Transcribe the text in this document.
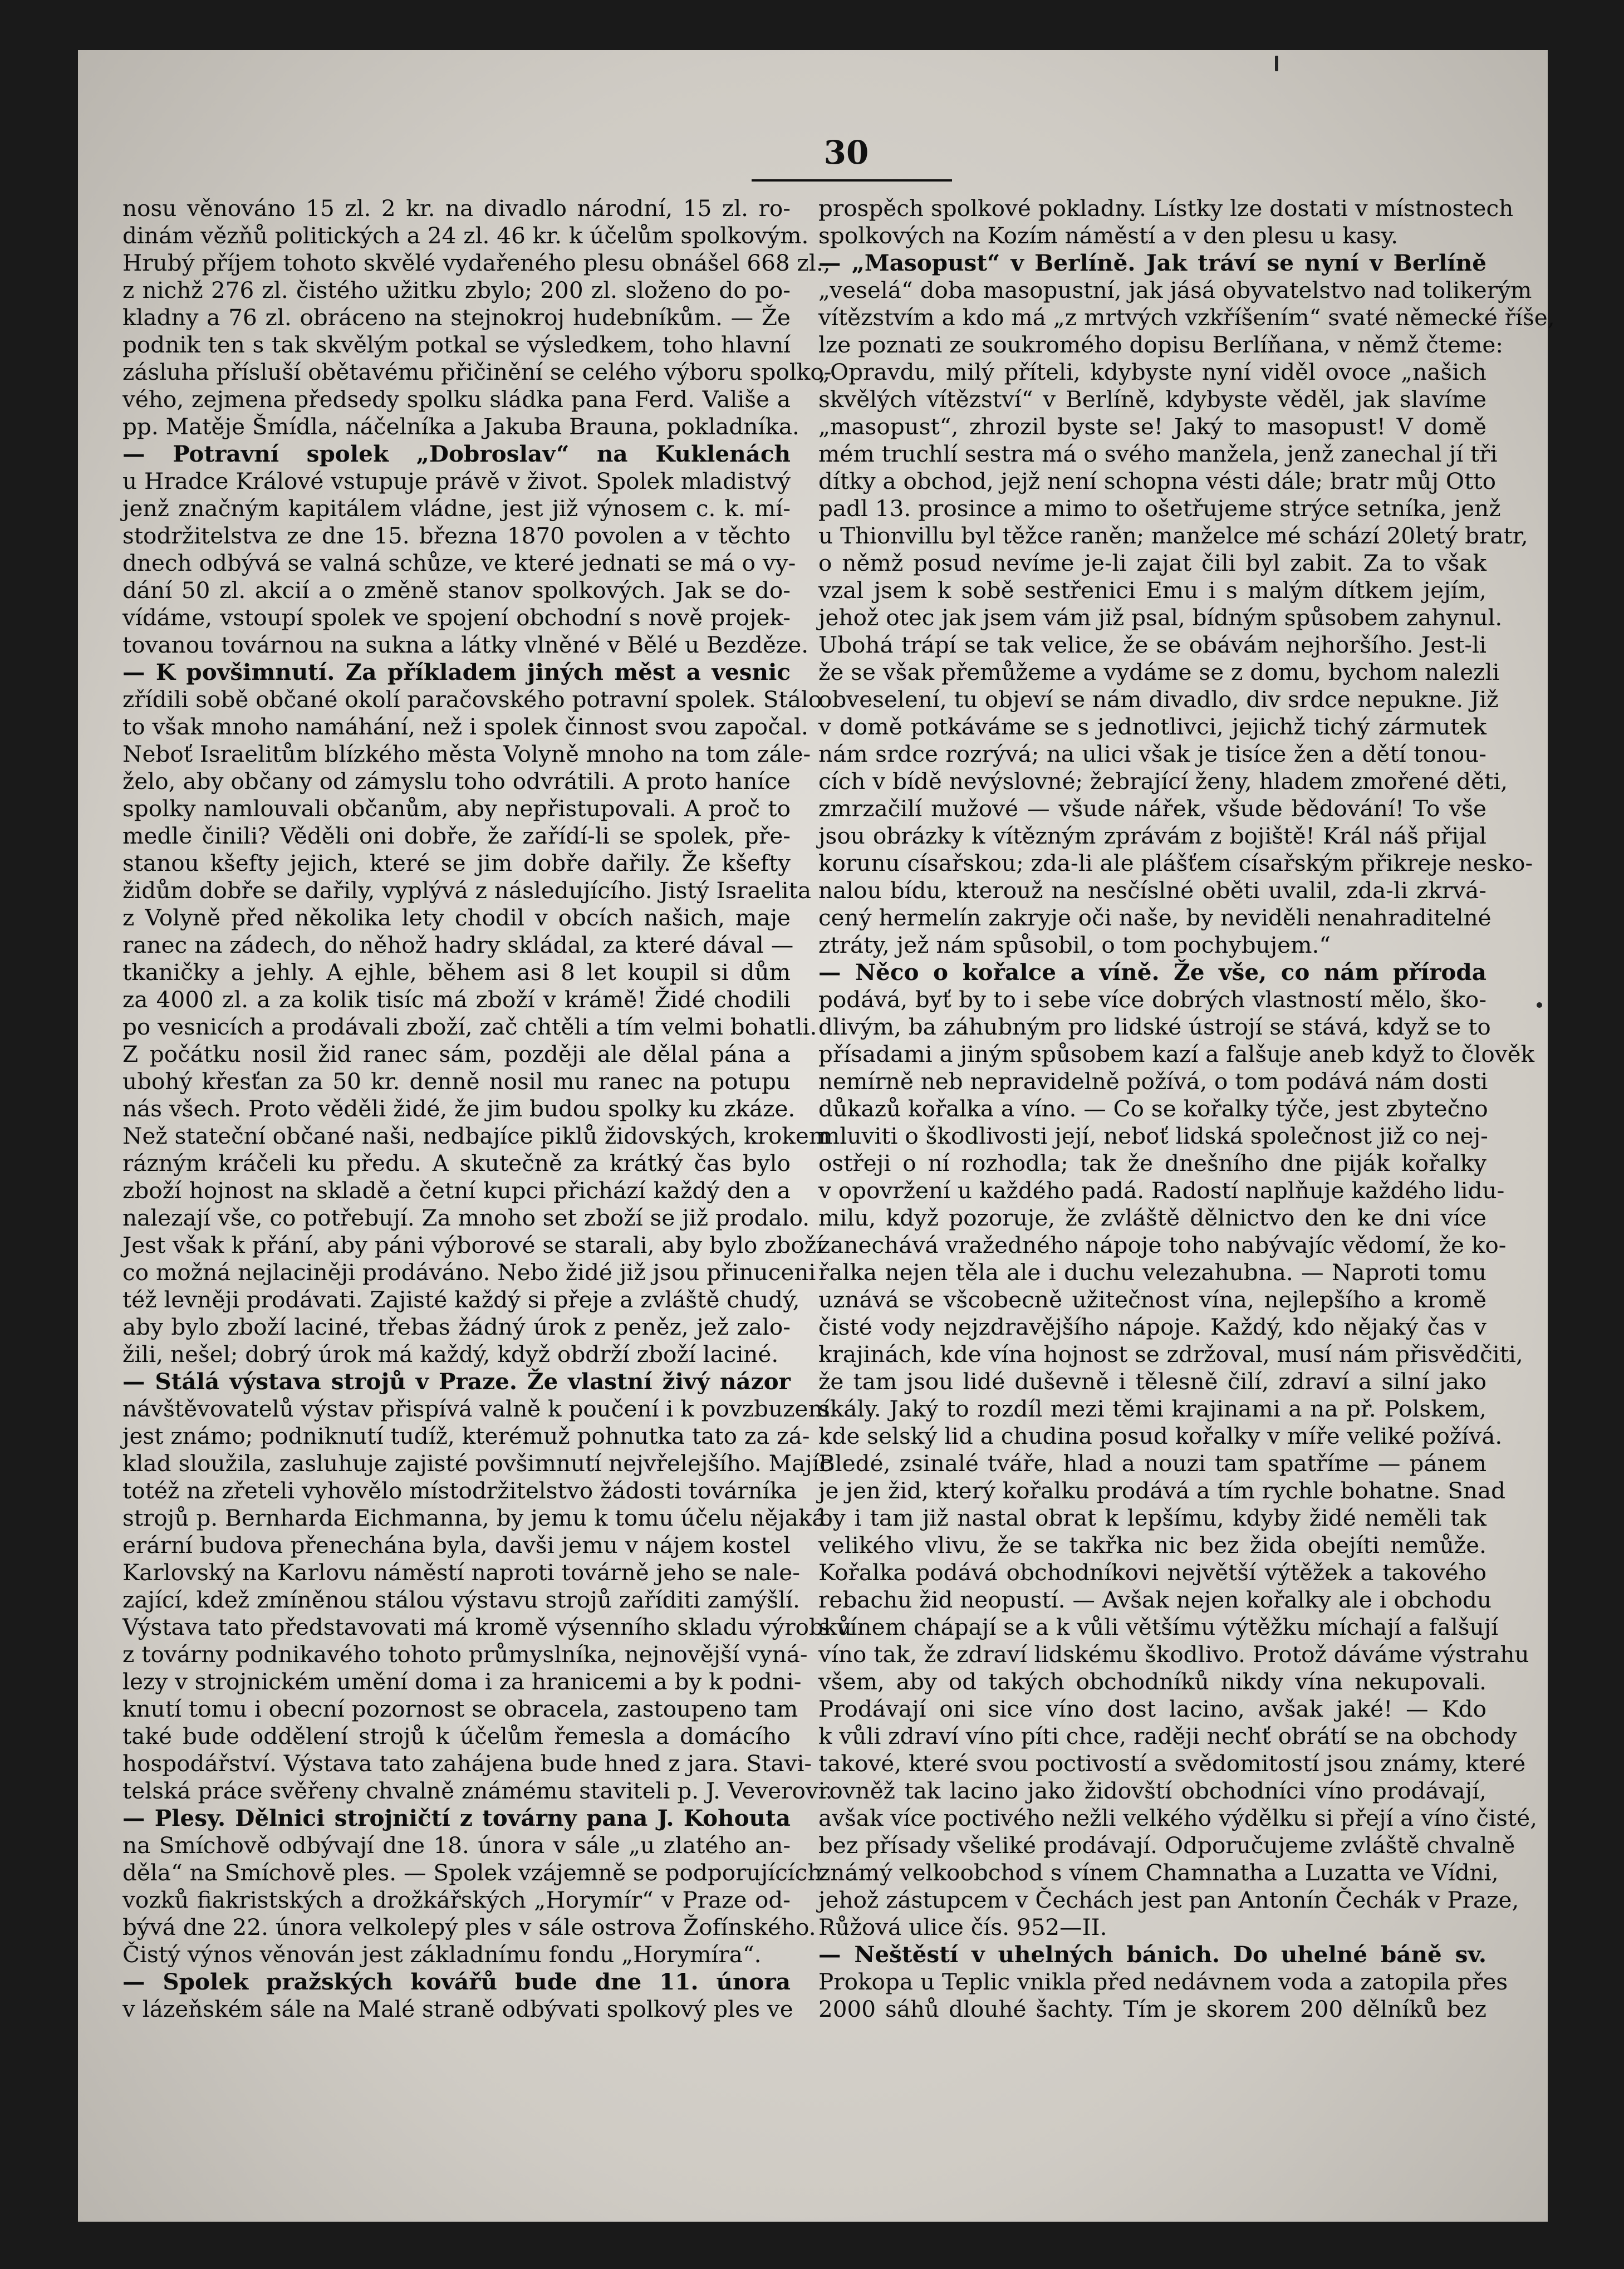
30
nosu věnováno 15 zl. 2 kr. na divadlo národní, 15 zl. ro-
dinám vězňů politických a 24 zl. 46 kr. k účelům spolkovým.
Hrubý příjem tohoto skvělé vydařeného plesu obnášel 668 zl.,
z nichž 276 zl. čistého užitku zbylo; 200 zl. složeno do po-
kladny a 76 zl. obráceno na stejnokroj hudebníkům. — Že
podnik ten s tak skvělým potkal se výsledkem, toho hlavní
zásluha přísluší obětavému přičinění se celého výboru spolko-
vého, zejmena předsedy spolku sládka pana Ferd. Vališe a
pp. Matěje Šmídla, náčelníka a Jakuba Brauna, pokladníka.
— Potravní spolek „Dobroslav“ na Kuklenách
u Hradce Králové vstupuje právě v život. Spolek mladistvý
jenž značným kapitálem vládne, jest již výnosem c. k. mí-
stodržitelstva ze dne 15. března 1870 povolen a v těchto
dnech odbývá se valná schůze, ve které jednati se má o vy-
dání 50 zl. akcií a o změně stanov spolkových. Jak se do-
vídáme, vstoupí spolek ve spojení obchodní s nově projek-
tovanou továrnou na sukna a látky vlněné v Bělé u Bezděze.
— K povšimnutí. Za příkladem jiných měst a vesnic
zřídili sobě občané okolí paračovského potravní spolek. Stálo
to však mnoho namáhání, než i spolek činnost svou započal.
Neboť Israelitům blízkého města Volyně mnoho na tom zále-
želo, aby občany od zámyslu toho odvrátili. A proto haníce
spolky namlouvali občanům, aby nepřistupovali. A proč to
medle činili? Věděli oni dobře, že zařídí-li se spolek, pře-
stanou kšefty jejich, které se jim dobře dařily. Že kšefty
židům dobře se dařily, vyplývá z následujícího. Jistý Israelita
z Volyně před několika lety chodil v obcích našich, maje
ranec na zádech, do něhož hadry skládal, za které dával —
tkaničky a jehly. A ejhle, během asi 8 let koupil si dům
za 4000 zl. a za kolik tisíc má zboží v krámě! Židé chodili
po vesnicích a prodávali zboží, zač chtěli a tím velmi bohatli.
Z počátku nosil žid ranec sám, později ale dělal pána a
ubohý křesťan za 50 kr. denně nosil mu ranec na potupu
nás všech. Proto věděli židé, že jim budou spolky ku zkáze.
Než stateční občané naši, nedbajíce piklů židovských, krokem
rázným kráčeli ku předu. A skutečně za krátký čas bylo
zboží hojnost na skladě a četní kupci přichází každý den a
nalezají vše, co potřebují. Za mnoho set zboží se již prodalo.
Jest však k přání, aby páni výborové se starali, aby bylo zboží
co možná nejlaciněji prodáváno. Nebo židé již jsou přinuceni
též levněji prodávati. Zajisté každý si přeje a zvláště chudý,
aby bylo zboží laciné, třebas žádný úrok z peněz, jež zalo-
žili, nešel; dobrý úrok má každý, když obdrží zboží laciné.
— Stálá výstava strojů v Praze. Že vlastní živý názor
návštěvovatelů výstav přispívá valně k poučení i k povzbuzení
jest známo; podniknutí tudíž, kterémuž pohnutka tato za zá-
klad sloužila, zasluhuje zajisté povšimnutí nejvřelejšího. Majíc
totéž na zřeteli vyhovělo místodržitelstvo žádosti továrníka
strojů p. Bernharda Eichmanna, by jemu k tomu účelu nějaká
erární budova přenechána byla, davši jemu v nájem kostel
Karlovský na Karlovu náměstí naproti továrně jeho se nale-
zající, kdež zmíněnou stálou výstavu strojů zaříditi zamýšlí.
Výstava tato představovati má kromě výsenního skladu výrobků
z továrny podnikavého tohoto průmyslníka, nejnovější vyná-
lezy v strojnickém umění doma i za hranicemi a by k podni-
knutí tomu i obecní pozornost se obracela, zastoupeno tam
také bude oddělení strojů k účelům řemesla a domácího
hospodářství. Výstava tato zahájena bude hned z jara. Stavi-
telská práce svěřeny chvalně známému staviteli p. J. Veverovi.
— Plesy. Dělnici strojničtí z továrny pana J. Kohouta
na Smíchově odbývají dne 18. února v sále „u zlatého an-
děla“ na Smíchově ples. — Spolek vzájemně se podporujících
vozků fiakristských a drožkářských „Horymír“ v Praze od-
bývá dne 22. února velkolepý ples v sále ostrova Žofínského.
Čistý výnos věnován jest základnímu fondu „Horymíra“.
— Spolek pražských kovářů bude dne 11. února
v lázeňském sále na Malé straně odbývati spolkový ples ve
prospěch spolkové pokladny. Lístky lze dostati v místnostech
spolkových na Kozím náměstí a v den plesu u kasy.
— „Masopust“ v Berlíně. Jak tráví se nyní v Berlíně
„veselá“ doba masopustní, jak jásá obyvatelstvo nad tolikerým
vítězstvím a kdo má „z mrtvých vzkříšením“ svaté německé říše,
lze poznati ze soukromého dopisu Berlíňana, v němž čteme:
„Opravdu, milý příteli, kdybyste nyní viděl ovoce „našich
skvělých vítězství“ v Berlíně, kdybyste věděl, jak slavíme
„masopust“, zhrozil byste se! Jaký to masopust! V domě
mém truchlí sestra má o svého manžela, jenž zanechal jí tři
dítky a obchod, jejž není schopna vésti dále; bratr můj Otto
padl 13. prosince a mimo to ošetřujeme strýce setníka, jenž
u Thionvillu byl těžce raněn; manželce mé schází 20letý bratr,
o němž posud nevíme je-li zajat čili byl zabit. Za to však
vzal jsem k sobě sestřenici Emu i s malým dítkem jejím,
jehož otec jak jsem vám již psal, bídným spůsobem zahynul.
Ubohá trápí se tak velice, že se obávám nejhoršího. Jest-li
že se však přemůžeme a vydáme se z domu, bychom nalezli
obveselení, tu objeví se nám divadlo, div srdce nepukne. Již
v domě potkáváme se s jednotlivci, jejichž tichý zármutek
nám srdce rozrývá; na ulici však je tisíce žen a dětí tonou-
cích v bídě nevýslovné; žebrající ženy, hladem zmořené děti,
zmrzačilí mužové — všude nářek, všude bědování! To vše
jsou obrázky k vítězným zprávám z bojiště! Král náš přijal
korunu císařskou; zda-li ale plášťem císařským přikreje nesko-
nalou bídu, kterouž na nesčíslné oběti uvalil, zda-li zkrvá-
cený hermelín zakryje oči naše, by neviděli nenahraditelné
ztráty, jež nám spůsobil, o tom pochybujem.“
— Něco o kořalce a víně. Že vše, co nám příroda
podává, byť by to i sebe více dobrých vlastností mělo, ško-
dlivým, ba záhubným pro lidské ústrojí se stává, když se to
přísadami a jiným spůsobem kazí a falšuje aneb když to člověk
nemírně neb nepravidelně požívá, o tom podává nám dosti
důkazů kořalka a víno. — Co se kořalky týče, jest zbytečno
mluviti o škodlivosti její, neboť lidská společnost již co nej-
ostřeji o ní rozhodla; tak že dnešního dne piják kořalky
v opovržení u každého padá. Radostí naplňuje každého lidu-
milu, když pozoruje, že zvláště dělnictvo den ke dni více
zanechává vražedného nápoje toho nabývajíc vědomí, že ko-
řalka nejen těla ale i duchu velezahubna. — Naproti tomu
uznává se všcobecně užitečnost vína, nejlepšího a kromě
čisté vody nejzdravějšího nápoje. Každý, kdo nějaký čas v
krajinách, kde vína hojnost se zdržoval, musí nám přisvědčiti,
že tam jsou lidé duševně i tělesně čilí, zdraví a silní jako
skály. Jaký to rozdíl mezi těmi krajinami a na př. Polskem,
kde selský lid a chudina posud kořalky v míře veliké požívá.
Bledé, zsinalé tváře, hlad a nouzi tam spatříme — pánem
je jen žid, který kořalku prodává a tím rychle bohatne. Snad
by i tam již nastal obrat k lepšímu, kdyby židé neměli tak
velikého vlivu, že se takřka nic bez žida obejíti nemůže.
Kořalka podává obchodníkovi největší výtěžek a takového
rebachu žid neopustí. — Avšak nejen kořalky ale i obchodu
s vínem chápají se a k vůli většímu výtěžku míchají a falšují
víno tak, že zdraví lidskému škodlivo. Protož dáváme výstrahu
všem, aby od takých obchodníků nikdy vína nekupovali.
Prodávají oni sice víno dost lacino, avšak jaké! — Kdo
k vůli zdraví víno píti chce, raději nechť obrátí se na obchody
takové, které svou poctivostí a svědomitostí jsou známy, které
rovněž tak lacino jako židovští obchodníci víno prodávají,
avšak více poctivého nežli velkého výdělku si přejí a víno čisté,
bez přísady všeliké prodávají. Odporučujeme zvláště chvalně
známý velkoobchod s vínem Chamnatha a Luzatta ve Vídni,
jehož zástupcem v Čechách jest pan Antonín Čechák v Praze,
Růžová ulice čís. 952—II.
— Neštěstí v uhelných bánich. Do uhelné báně sv.
Prokopa u Teplic vnikla před nedávnem voda a zatopila přes
2000 sáhů dlouhé šachty. Tím je skorem 200 dělníků bez
